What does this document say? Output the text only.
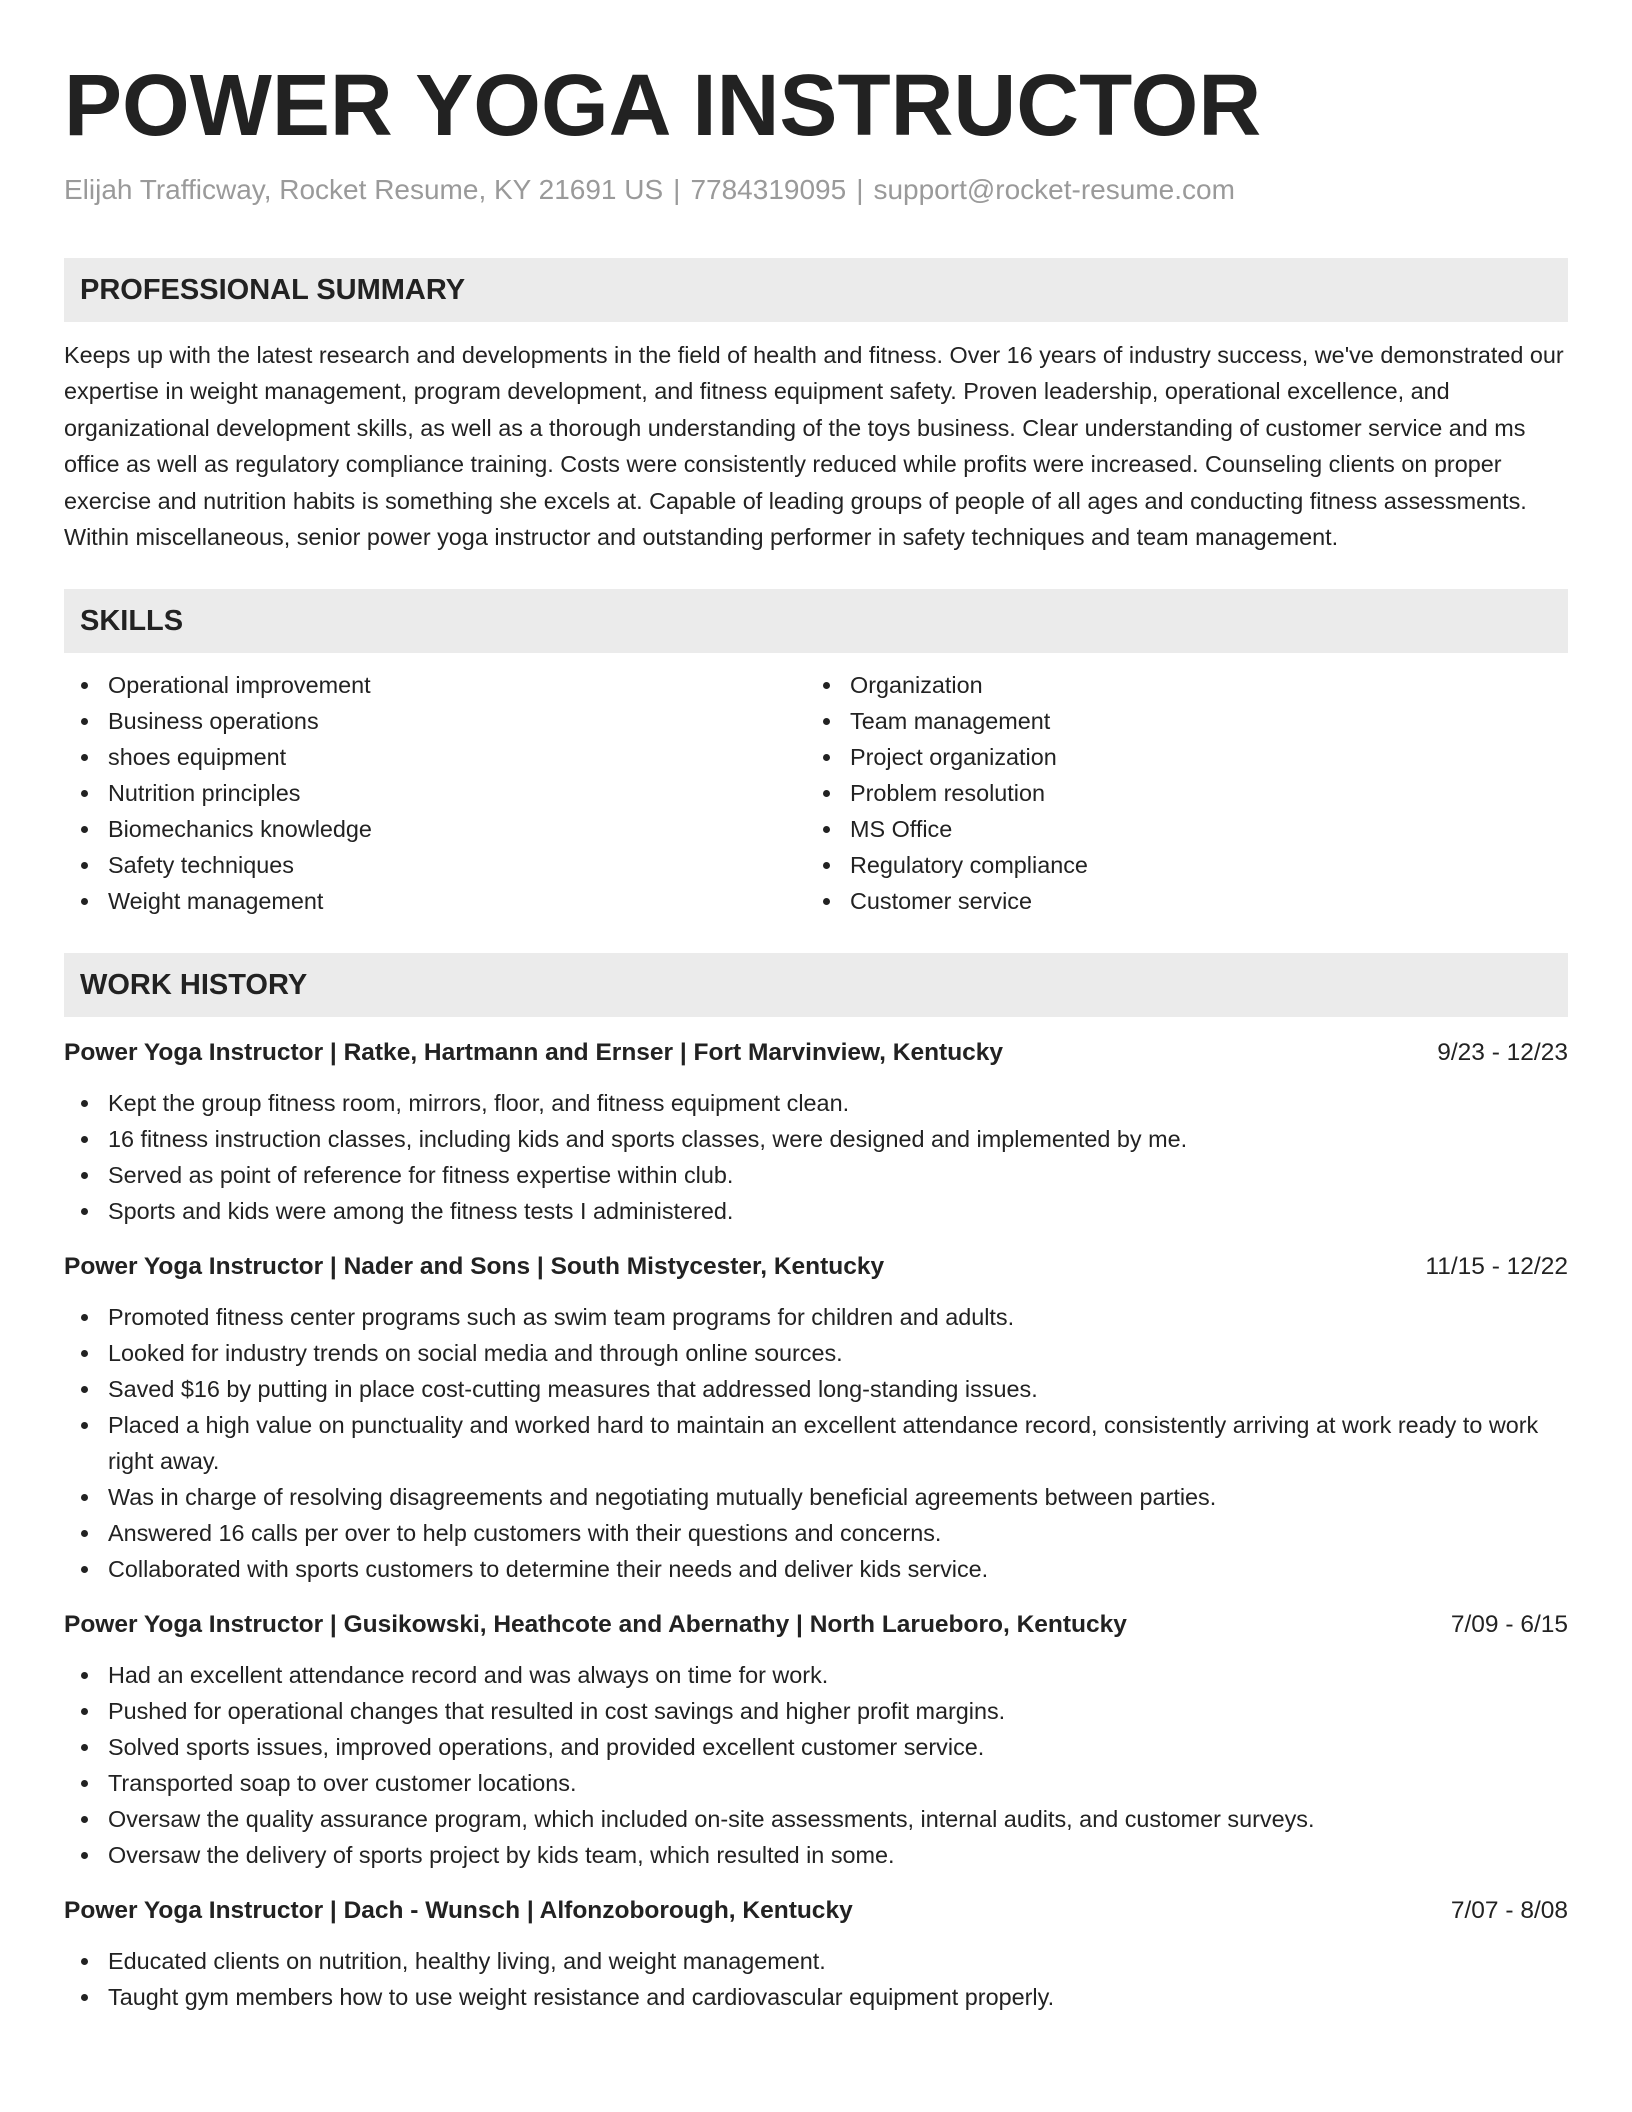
POWER YOGA INSTRUCTOR
Elijah Trafficway, Rocket Resume, KY 21691 US | 7784319095 | support@rocket-resume.com
PROFESSIONAL SUMMARY
Keeps up with the latest research and developments in the field of health and fitness. Over 16 years of industry success, we've demonstrated our expertise in weight management, program development, and fitness equipment safety. Proven leadership, operational excellence, and organizational development skills, as well as a thorough understanding of the toys business. Clear understanding of customer service and ms office as well as regulatory compliance training. Costs were consistently reduced while profits were increased. Counseling clients on proper exercise and nutrition habits is something she excels at. Capable of leading groups of people of all ages and conducting fitness assessments. Within miscellaneous, senior power yoga instructor and outstanding performer in safety techniques and team management.
SKILLS
Operational improvement
Business operations
shoes equipment
Nutrition principles
Biomechanics knowledge
Safety techniques
Weight management
Organization
Team management
Project organization
Problem resolution
MS Office
Regulatory compliance
Customer service
WORK HISTORY
Power Yoga Instructor | Ratke, Hartmann and Ernser | Fort Marvinview, Kentucky	9/23 - 12/23
Kept the group fitness room, mirrors, floor, and fitness equipment clean.
16 fitness instruction classes, including kids and sports classes, were designed and implemented by me.
Served as point of reference for fitness expertise within club.
Sports and kids were among the fitness tests I administered.
Power Yoga Instructor | Nader and Sons | South Mistycester, Kentucky	11/15 - 12/22
Promoted fitness center programs such as swim team programs for children and adults.
Looked for industry trends on social media and through online sources.
Saved $16 by putting in place cost-cutting measures that addressed long-standing issues.
Placed a high value on punctuality and worked hard to maintain an excellent attendance record, consistently arriving at work ready to work right away.
Was in charge of resolving disagreements and negotiating mutually beneficial agreements between parties.
Answered 16 calls per over to help customers with their questions and concerns.
Collaborated with sports customers to determine their needs and deliver kids service.
Power Yoga Instructor | Gusikowski, Heathcote and Abernathy | North Larueboro, Kentucky	7/09 - 6/15
Had an excellent attendance record and was always on time for work.
Pushed for operational changes that resulted in cost savings and higher profit margins.
Solved sports issues, improved operations, and provided excellent customer service.
Transported soap to over customer locations.
Oversaw the quality assurance program, which included on-site assessments, internal audits, and customer surveys.
Oversaw the delivery of sports project by kids team, which resulted in some.
Power Yoga Instructor | Dach - Wunsch | Alfonzoborough, Kentucky	7/07 - 8/08
Educated clients on nutrition, healthy living, and weight management.
Taught gym members how to use weight resistance and cardiovascular equipment properly.
